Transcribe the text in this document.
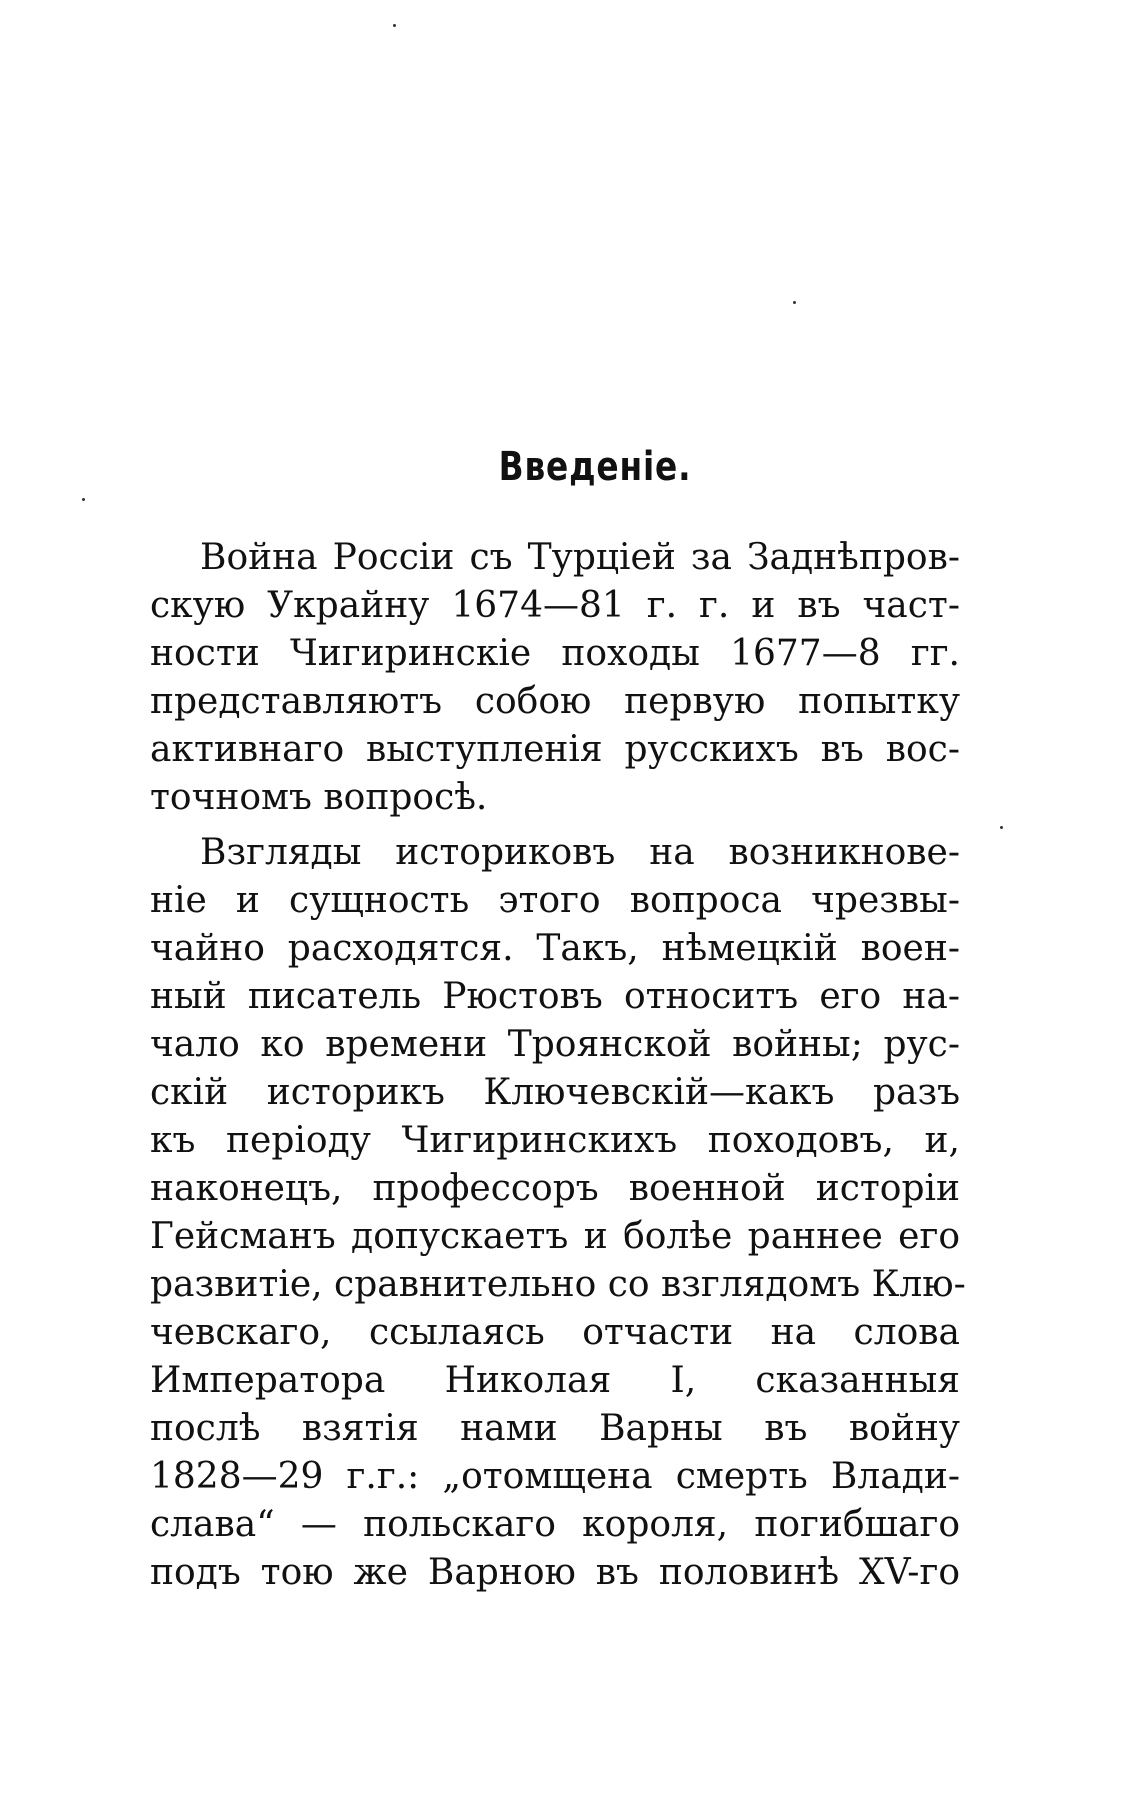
Введеніе.
Война Россіи съ Турціей за Заднѣпров-
скую Украйну 1674—81 г. г. и въ част-
ности Чигиринскіе походы 1677—8 гг.
представляютъ собою первую попытку
активнаго выступленія русскихъ въ вос-
точномъ вопросѣ.
Взгляды историковъ на возникнове-
ніе и сущность этого вопроса чрезвы-
чайно расходятся. Такъ, нѣмецкій воен-
ный писатель Рюстовъ относитъ его на-
чало ко времени Троянской войны; рус-
скій историкъ Ключевскій—какъ разъ
къ періоду Чигиринскихъ походовъ, и,
наконецъ, профессоръ военной исторіи
Гейсманъ допускаетъ и болѣе раннее его
развитіе, сравнительно со взглядомъ Клю-
чевскаго, ссылаясь отчасти на слова
Императора Николая I, сказанныя
послѣ взятія нами Варны въ войну
1828—29 г.г.: „отомщена смерть Влади-
слава“ — польскаго короля, погибшаго
подъ тою же Варною въ половинѣ XV-го
